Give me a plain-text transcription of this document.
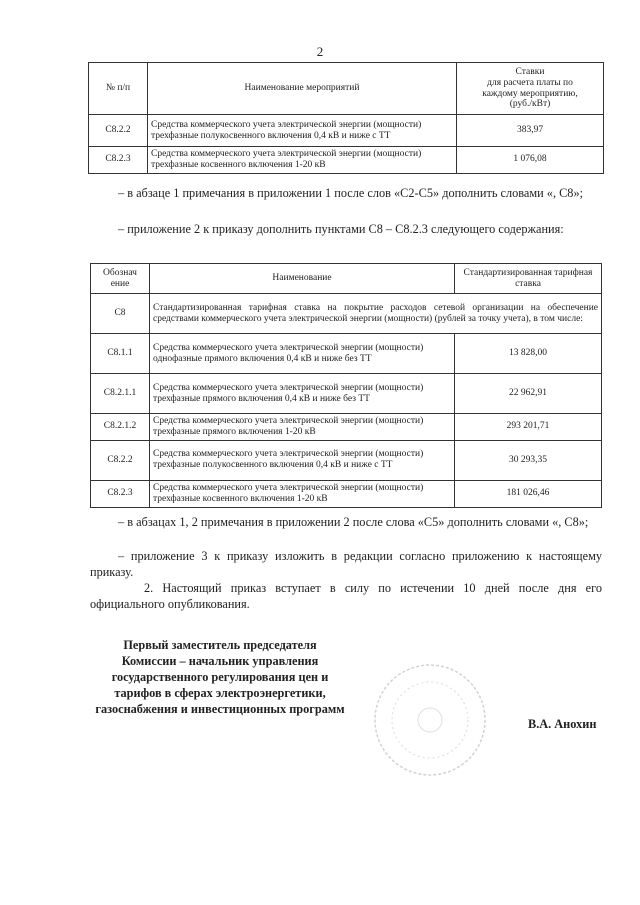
2
№ п/п	Наименование мероприятий	Ставки
для расчета платы по
каждому мероприятию,
(руб./кВт)
С8.2.2	Средства коммерческого учета электрической энергии (мощности) трехфазные полукосвенного включения 0,4 кВ и ниже с ТТ	383,97
С8.2.3	Средства коммерческого учета электрической энергии (мощности) трехфазные косвенного включения 1-20 кВ	1 076,08
– в абзаце 1 примечания в приложении 1 после слов «С2-С5» дополнить словами «, С8»;
– приложение 2 к приказу дополнить пунктами С8 – С8.2.3 следующего содержания:
Обознач ение	Наименование	Стандартизированная тарифная ставка
С8	Стандартизированная тарифная ставка на покрытие расходов сетевой организации на обеспечение средствами коммерческого учета электрической энергии (мощности) (рублей за точку учета), в том числе:	
С8.1.1	Средства коммерческого учета электрической энергии (мощности) однофазные прямого включения 0,4 кВ и ниже без ТТ	13 828,00
С8.2.1.1	Средства коммерческого учета электрической энергии (мощности) трехфазные прямого включения 0,4 кВ и ниже без ТТ	22 962,91
С8.2.1.2	Средства коммерческого учета электрической энергии (мощности) трехфазные прямого включения 1-20 кВ	293 201,71
С8.2.2	Средства коммерческого учета электрической энергии (мощности) трехфазные полукосвенного включения 0,4 кВ и ниже с ТТ	30 293,35
С8.2.3	Средства коммерческого учета электрической энергии (мощности) трехфазные косвенного включения 1-20 кВ	181 026,46
– в абзацах 1, 2 примечания в приложении 2 после слова «С5» дополнить словами «, С8»;
– приложение 3 к приказу изложить в редакции согласно приложению к настоящему приказу.
2. Настоящий приказ вступает в силу по истечении 10 дней после дня его официального опубликования.
Первый заместитель председателя Комиссии – начальник управления государственного регулирования цен и тарифов в сферах электроэнергетики, газоснабжения и инвестиционных программ
В.А. Анохин
